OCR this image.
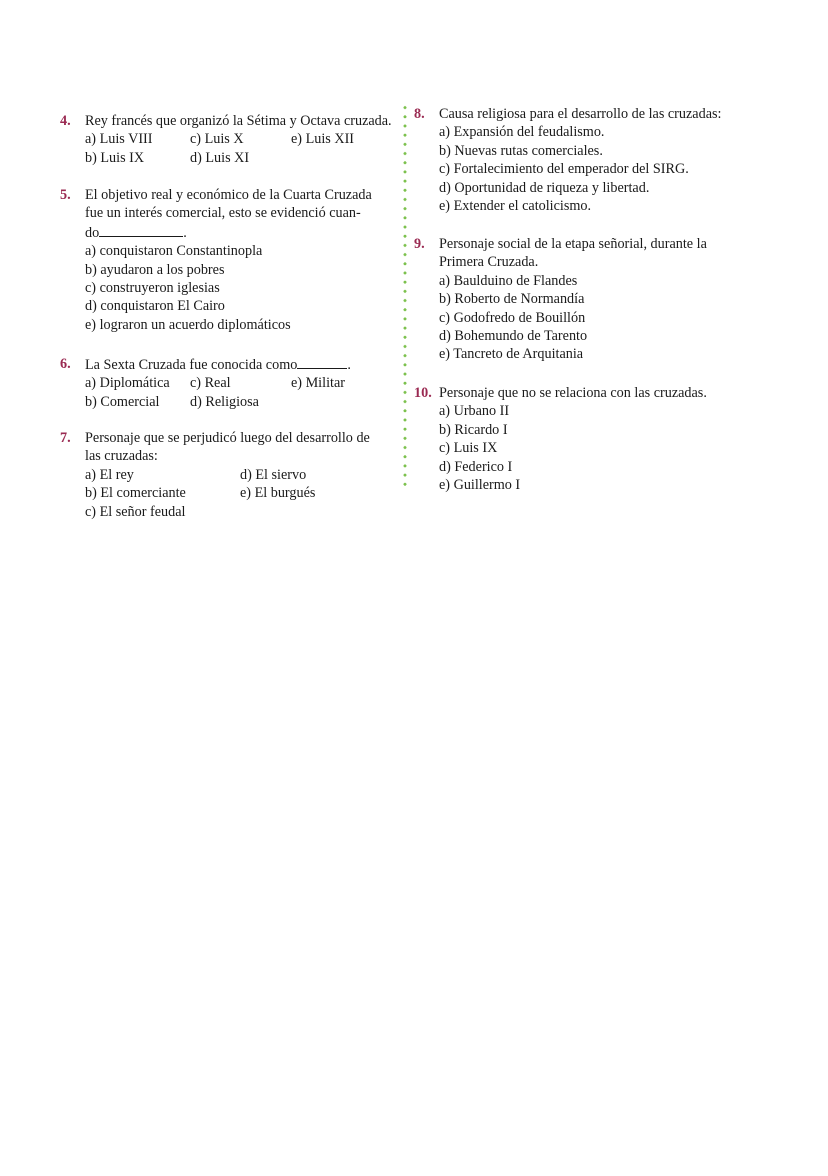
4. Rey francés que organizó la Sétima y Octava cruzada.
a) Luis VIII	c) Luis X	e) Luis XII
b) Luis IX	d) Luis XI
5. El objetivo real y económico de la Cuarta Cruzada
fue un interés comercial, esto se evidenció cuan-
do	.
a) conquistaron Constantinopla
b) ayudaron a los pobres
c) construyeron iglesias
d) conquistaron El Cairo
e) lograron un acuerdo diplomáticos
6. La Sexta Cruzada fue conocida como	.
a) Diplomática	c) Real	e) Militar
b) Comercial	d) Religiosa
7. Personaje que se perjudicó luego del desarrollo de
las cruzadas:
a) El rey	d) El siervo
b) El comerciante	e) El burgués
c) El señor feudal
8. Causa religiosa para el desarrollo de las cruzadas:
a) Expansión del feudalismo.
b) Nuevas rutas comerciales.
c) Fortalecimiento del emperador del SIRG.
d) Oportunidad de riqueza y libertad.
e) Extender el catolicismo.
9. Personaje social de la etapa señorial, durante la
Primera Cruzada.
a) Baulduino de Flandes
b) Roberto de Normandía
c) Godofredo de Bouillón
d) Bohemundo de Tarento
e) Tancreto de Arquitania
10. Personaje que no se relaciona con las cruzadas.
a) Urbano II
b) Ricardo I
c) Luis IX
d) Federico I
e) Guillermo I
